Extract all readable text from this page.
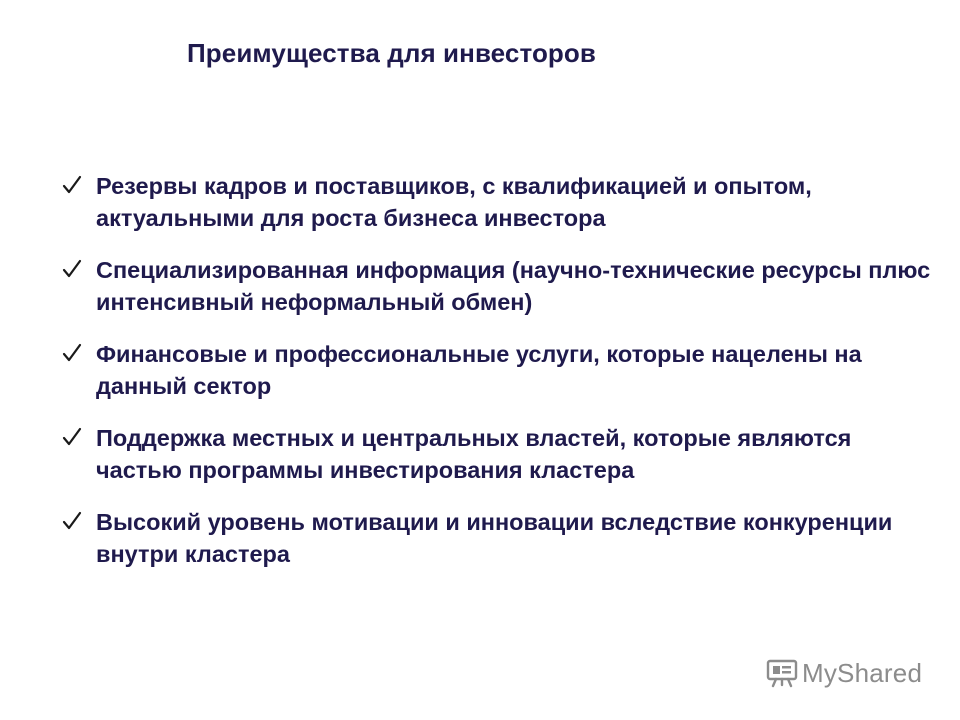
Преимущества для инвесторов
Резервы кадров и поставщиков, с квалификацией и опытом, актуальными для роста бизнеса инвестора
Специализированная информация (научно-технические ресурсы плюс интенсивный неформальный обмен)
Финансовые и профессиональные услуги, которые нацелены на данный сектор
Поддержка местных и центральных властей, которые являются частью программы инвестирования кластера
Высокий уровень мотивации и инновации вследствие конкуренции внутри кластера
MyShared
